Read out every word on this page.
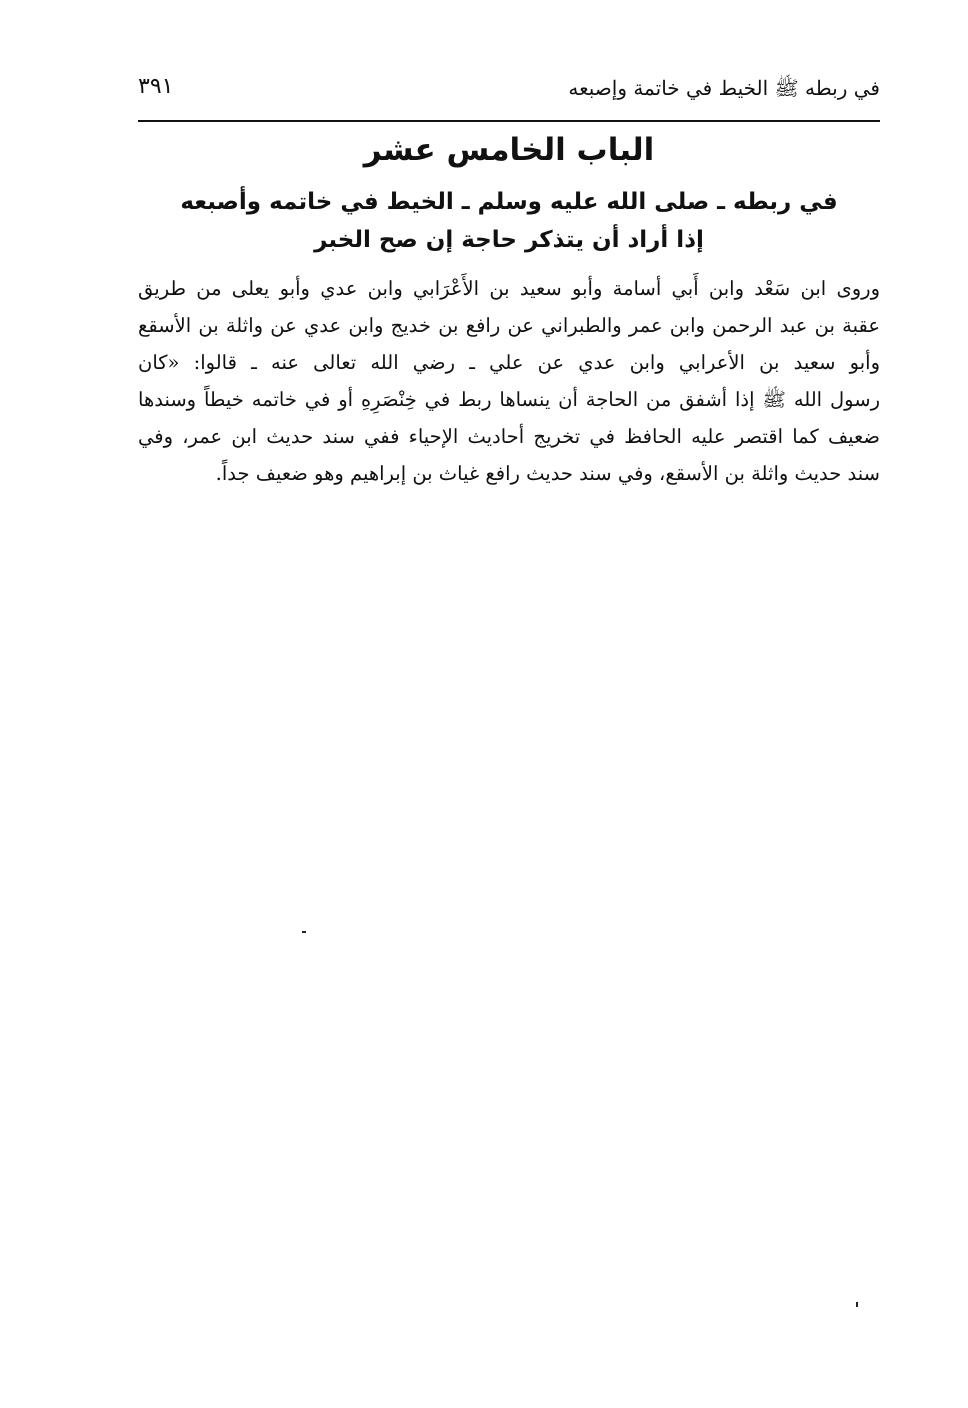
في ربطه ﷺ الخيط في خاتمة وإصبعه
٣٩١
الباب الخامس عشر
في ربطه ـ صلى الله عليه وسلم ـ الخيط في خاتمه وأصبعه
إذا أراد أن يتذكر حاجة إن صح الخبر
وروى ابن سَعْد وابن أَبي أسامة وأبو سعيد بن الأَعْرَابي وابن عدي وأبو يعلى من طريق
عقبة بن عبد الرحمن وابن عمر والطبراني عن رافع بن خديج وابن عدي عن واثلة بن الأسقع
وأبو سعيد بن الأعرابي وابن عدي عن علي ـ رضي الله تعالى عنه ـ قالوا: «كان
رسول الله ﷺ إذا أشفق من الحاجة أن ينساها ربط في خِنْصَرِهِ أو في خاتمه خيطاً وسندها
ضعيف كما اقتصر عليه الحافظ في تخريج أحاديث الإحياء ففي سند حديث ابن عمر، وفي
سند حديث واثلة بن الأسقع، وفي سند حديث رافع غياث بن إبراهيم وهو ضعيف جداً.
